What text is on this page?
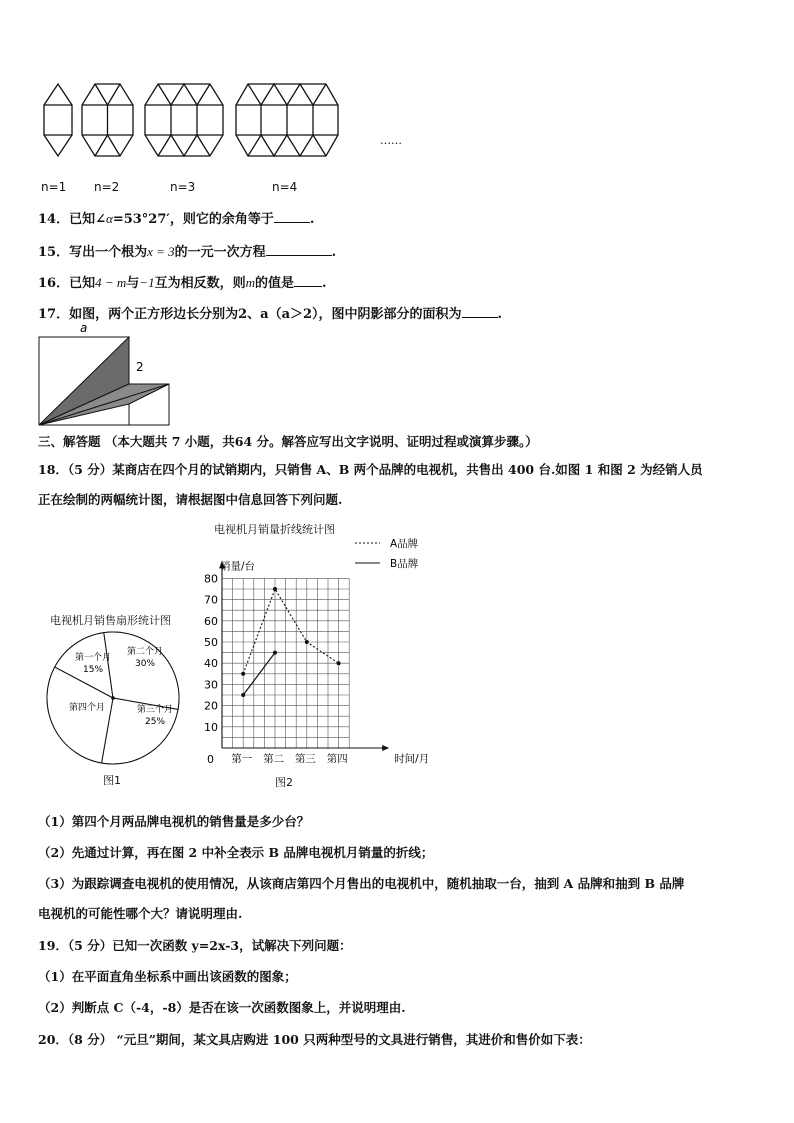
……
n=1 n=2	n=3	n=4
14．已知∠α=53°27′，则它的余角等于	.
15．写出一个根为x = 3的一元一次方程	.
16．已知4 − m与−1互为相反数，则m的值是 .
17．如图，两个正方形边长分别为2、a（a＞2），图中阴影部分的面积为	.
a
2
三、解答题 （本大题共 7 小题，共64 分。解答应写出文字说明、证明过程或演算步骤。）
18．（5 分）某商店在四个月的试销期内，只销售 A、B 两个品牌的电视机，共售出 400 台.如图 1 和图 2 为经销人员
正在绘制的两幅统计图，请根据图中信息回答下列问题.
电视机月销售扇形统计图
第一个月
15%
第二个月
30%
第三个月
25%
第四个月
图1
电视机月销量折线统计图
10
20
30
40
50
60
70
80
0 第一 第二 第三 第四	时间/月
销量/台
A品牌
B品牌
图2
（1）第四个月两品牌电视机的销售量是多少台？
（2）先通过计算，再在图 2 中补全表示 B 品牌电视机月销量的折线；
（3）为跟踪调查电视机的使用情况，从该商店第四个月售出的电视机中，随机抽取一台，抽到 A 品牌和抽到 B 品牌
电视机的可能性哪个大？请说明理由.
19．（5 分）已知一次函数 y=2x-3，试解决下列问题：
（1）在平面直角坐标系中画出该函数的图象；
（2）判断点 C（-4，-8）是否在该一次函数图象上，并说明理由.
20．（8 分） “元旦”期间，某文具店购进 100 只两种型号的文具进行销售，其进价和售价如下表：
